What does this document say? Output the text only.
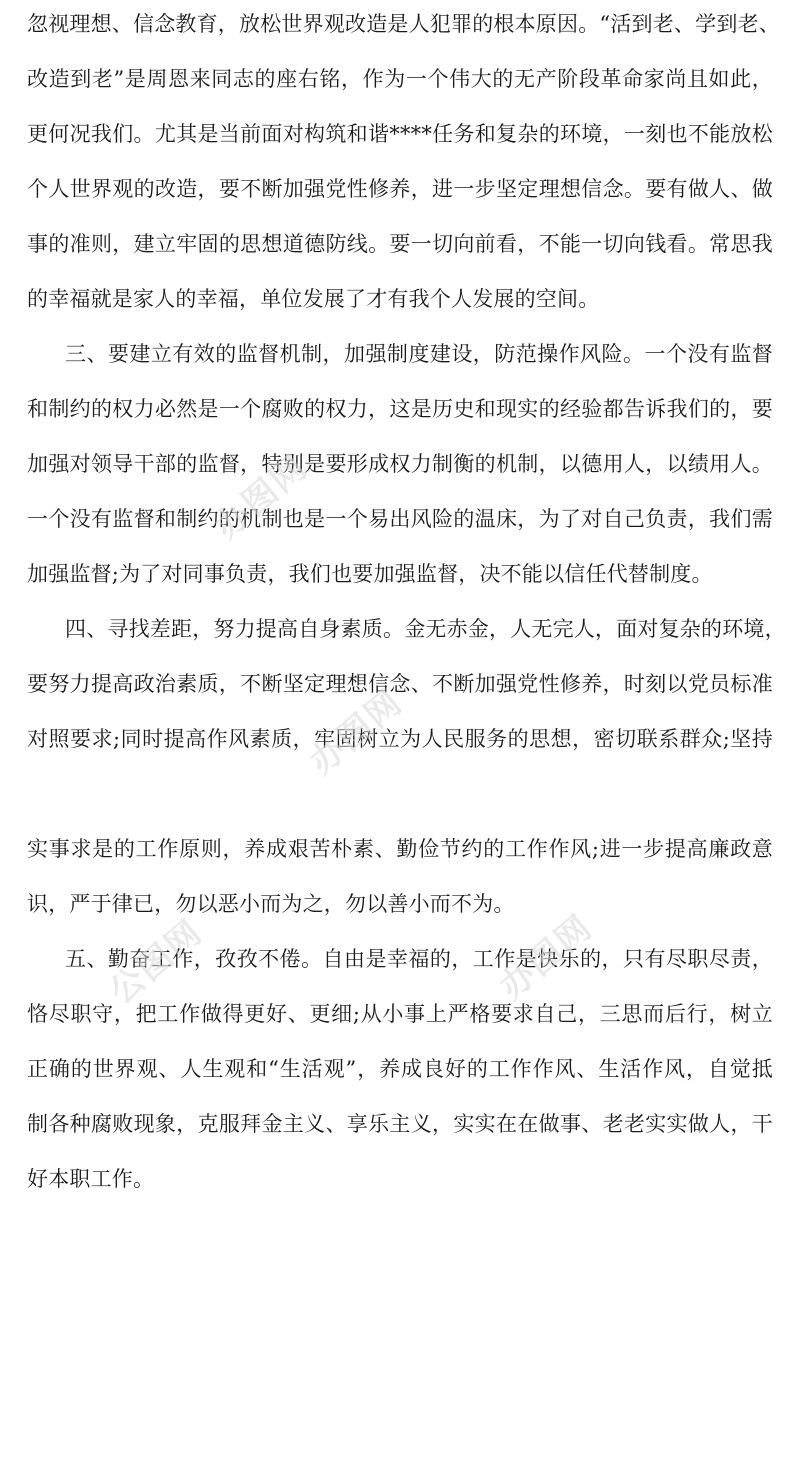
忽视理想、信念教育，放松世界观改造是人犯罪的根本原因。“活到老、学到老、
改造到老”是周恩来同志的座右铭，作为一个伟大的无产阶段革命家尚且如此，
更何况我们。尤其是当前面对构筑和谐****任务和复杂的环境，一刻也不能放松
个人世界观的改造，要不断加强党性修养，进一步坚定理想信念。要有做人、做
事的准则，建立牢固的思想道德防线。要一切向前看，不能一切向钱看。常思我
的幸福就是家人的幸福，单位发展了才有我个人发展的空间。
三、要建立有效的监督机制，加强制度建设，防范操作风险。一个没有监督
和制约的权力必然是一个腐败的权力，这是历史和现实的经验都告诉我们的，要
加强对领导干部的监督，特别是要形成权力制衡的机制，以德用人，以绩用人。
一个没有监督和制约的机制也是一个易出风险的温床，为了对自己负责，我们需
加强监督;为了对同事负责，我们也要加强监督，决不能以信任代替制度。
四、寻找差距，努力提高自身素质。金无赤金，人无完人，面对复杂的环境，
要努力提高政治素质，不断坚定理想信念、不断加强党性修养，时刻以党员标准
对照要求;同时提高作风素质，牢固树立为人民服务的思想，密切联系群众;坚持
实事求是的工作原则，养成艰苦朴素、勤俭节约的工作作风;进一步提高廉政意
识，严于律已，勿以恶小而为之，勿以善小而不为。
五、勤奋工作，孜孜不倦。自由是幸福的，工作是快乐的，只有尽职尽责，
恪尽职守，把工作做得更好、更细;从小事上严格要求自己，三思而后行，树立
正确的世界观、人生观和“生活观”，养成良好的工作作风、生活作风，自觉抵
制各种腐败现象，克服拜金主义、享乐主义，实实在在做事、老老实实做人，干
好本职工作。
办图网
办图网
办图网
公图网
